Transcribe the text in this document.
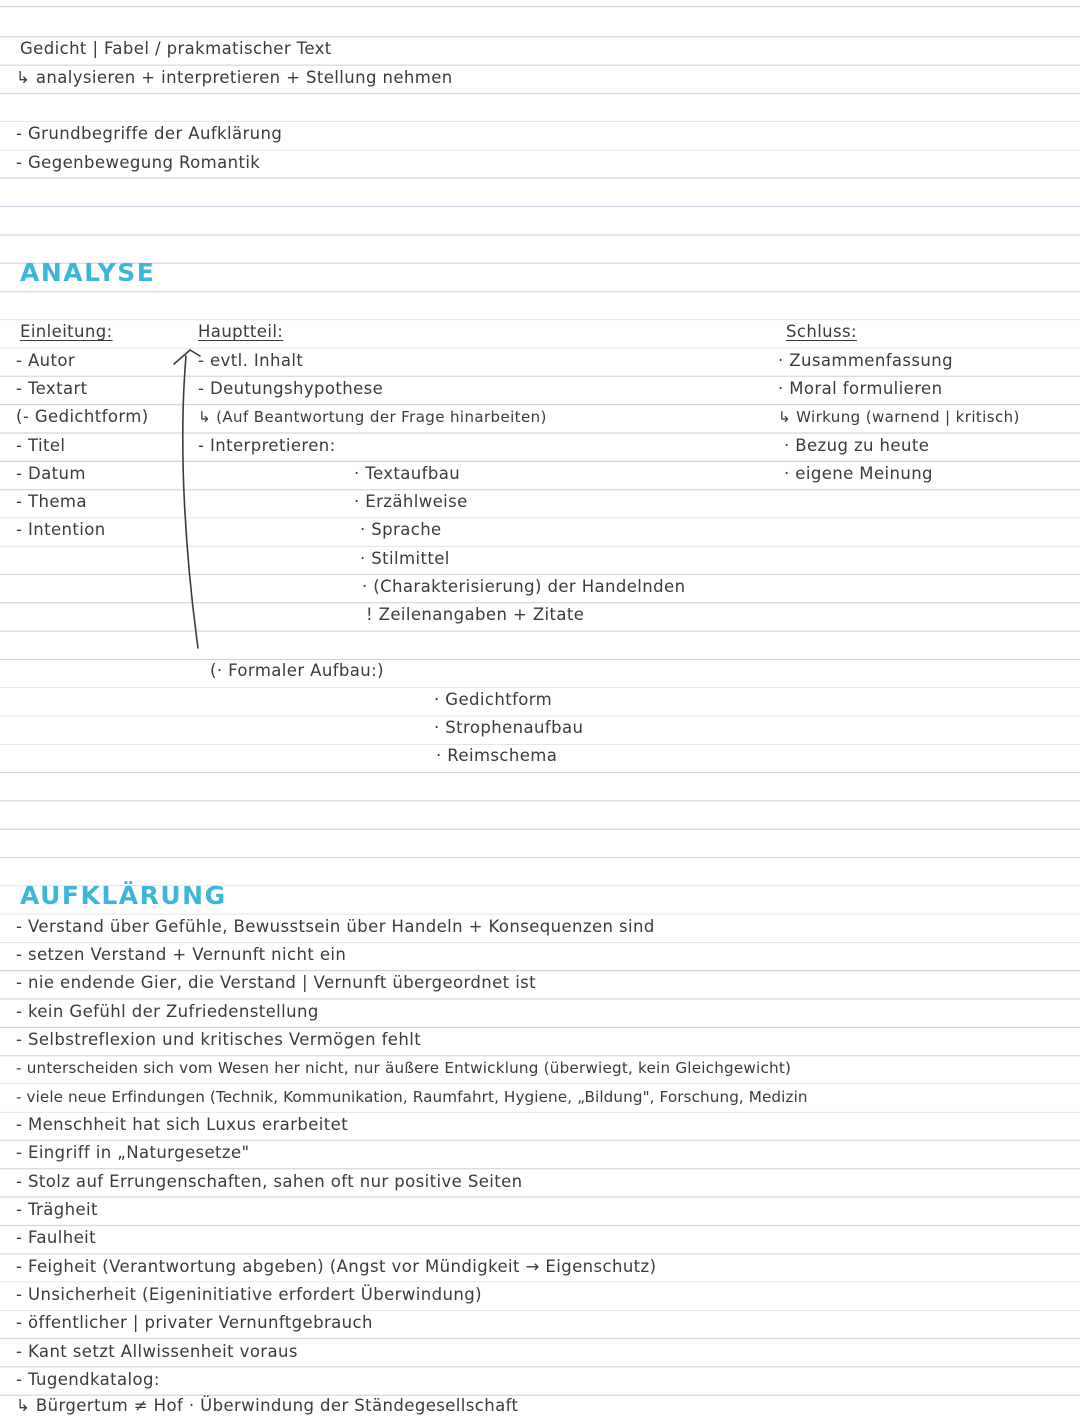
Gedicht | Fabel / prakmatischer Text
↳ analysieren + interpretieren + Stellung nehmen
- Grundbegriffe der Aufklärung
- Gegenbewegung Romantik
ANALYSE
Einleitung:
- Autor
- Textart
(- Gedichtform)
- Titel
- Datum
- Thema
- Intention
Hauptteil:
- evtl. Inhalt
- Deutungshypothese
↳ (Auf Beantwortung der Frage hinarbeiten)
- Interpretieren:
· Textaufbau
· Erzählweise
· Sprache
· Stilmittel
· (Charakterisierung) der Handelnden
! Zeilenangaben + Zitate
(· Formaler Aufbau:)
· Gedichtform
· Strophenaufbau
· Reimschema
Schluss:
· Zusammenfassung
· Moral formulieren
↳ Wirkung (warnend | kritisch)
· Bezug zu heute
· eigene Meinung
AUFKLÄRUNG
- Verstand über Gefühle, Bewusstsein über Handeln + Konsequenzen sind
- setzen Verstand + Vernunft nicht ein
- nie endende Gier, die Verstand | Vernunft übergeordnet ist
- kein Gefühl der Zufriedenstellung
- Selbstreflexion und kritisches Vermögen fehlt
- unterscheiden sich vom Wesen her nicht, nur äußere Entwicklung (überwiegt, kein Gleichgewicht)
- viele neue Erfindungen (Technik, Kommunikation, Raumfahrt, Hygiene, „Bildung", Forschung, Medizin
- Menschheit hat sich Luxus erarbeitet
- Eingriff in „Naturgesetze"
- Stolz auf Errungenschaften, sahen oft nur positive Seiten
- Trägheit
- Faulheit
- Feigheit (Verantwortung abgeben) (Angst vor Mündigkeit → Eigenschutz)
- Unsicherheit (Eigeninitiative erfordert Überwindung)
- öffentlicher | privater Vernunftgebrauch
- Kant setzt Allwissenheit voraus
- Tugendkatalog:
↳ Bürgertum ≠ Hof · Überwindung der Ständegesellschaft
